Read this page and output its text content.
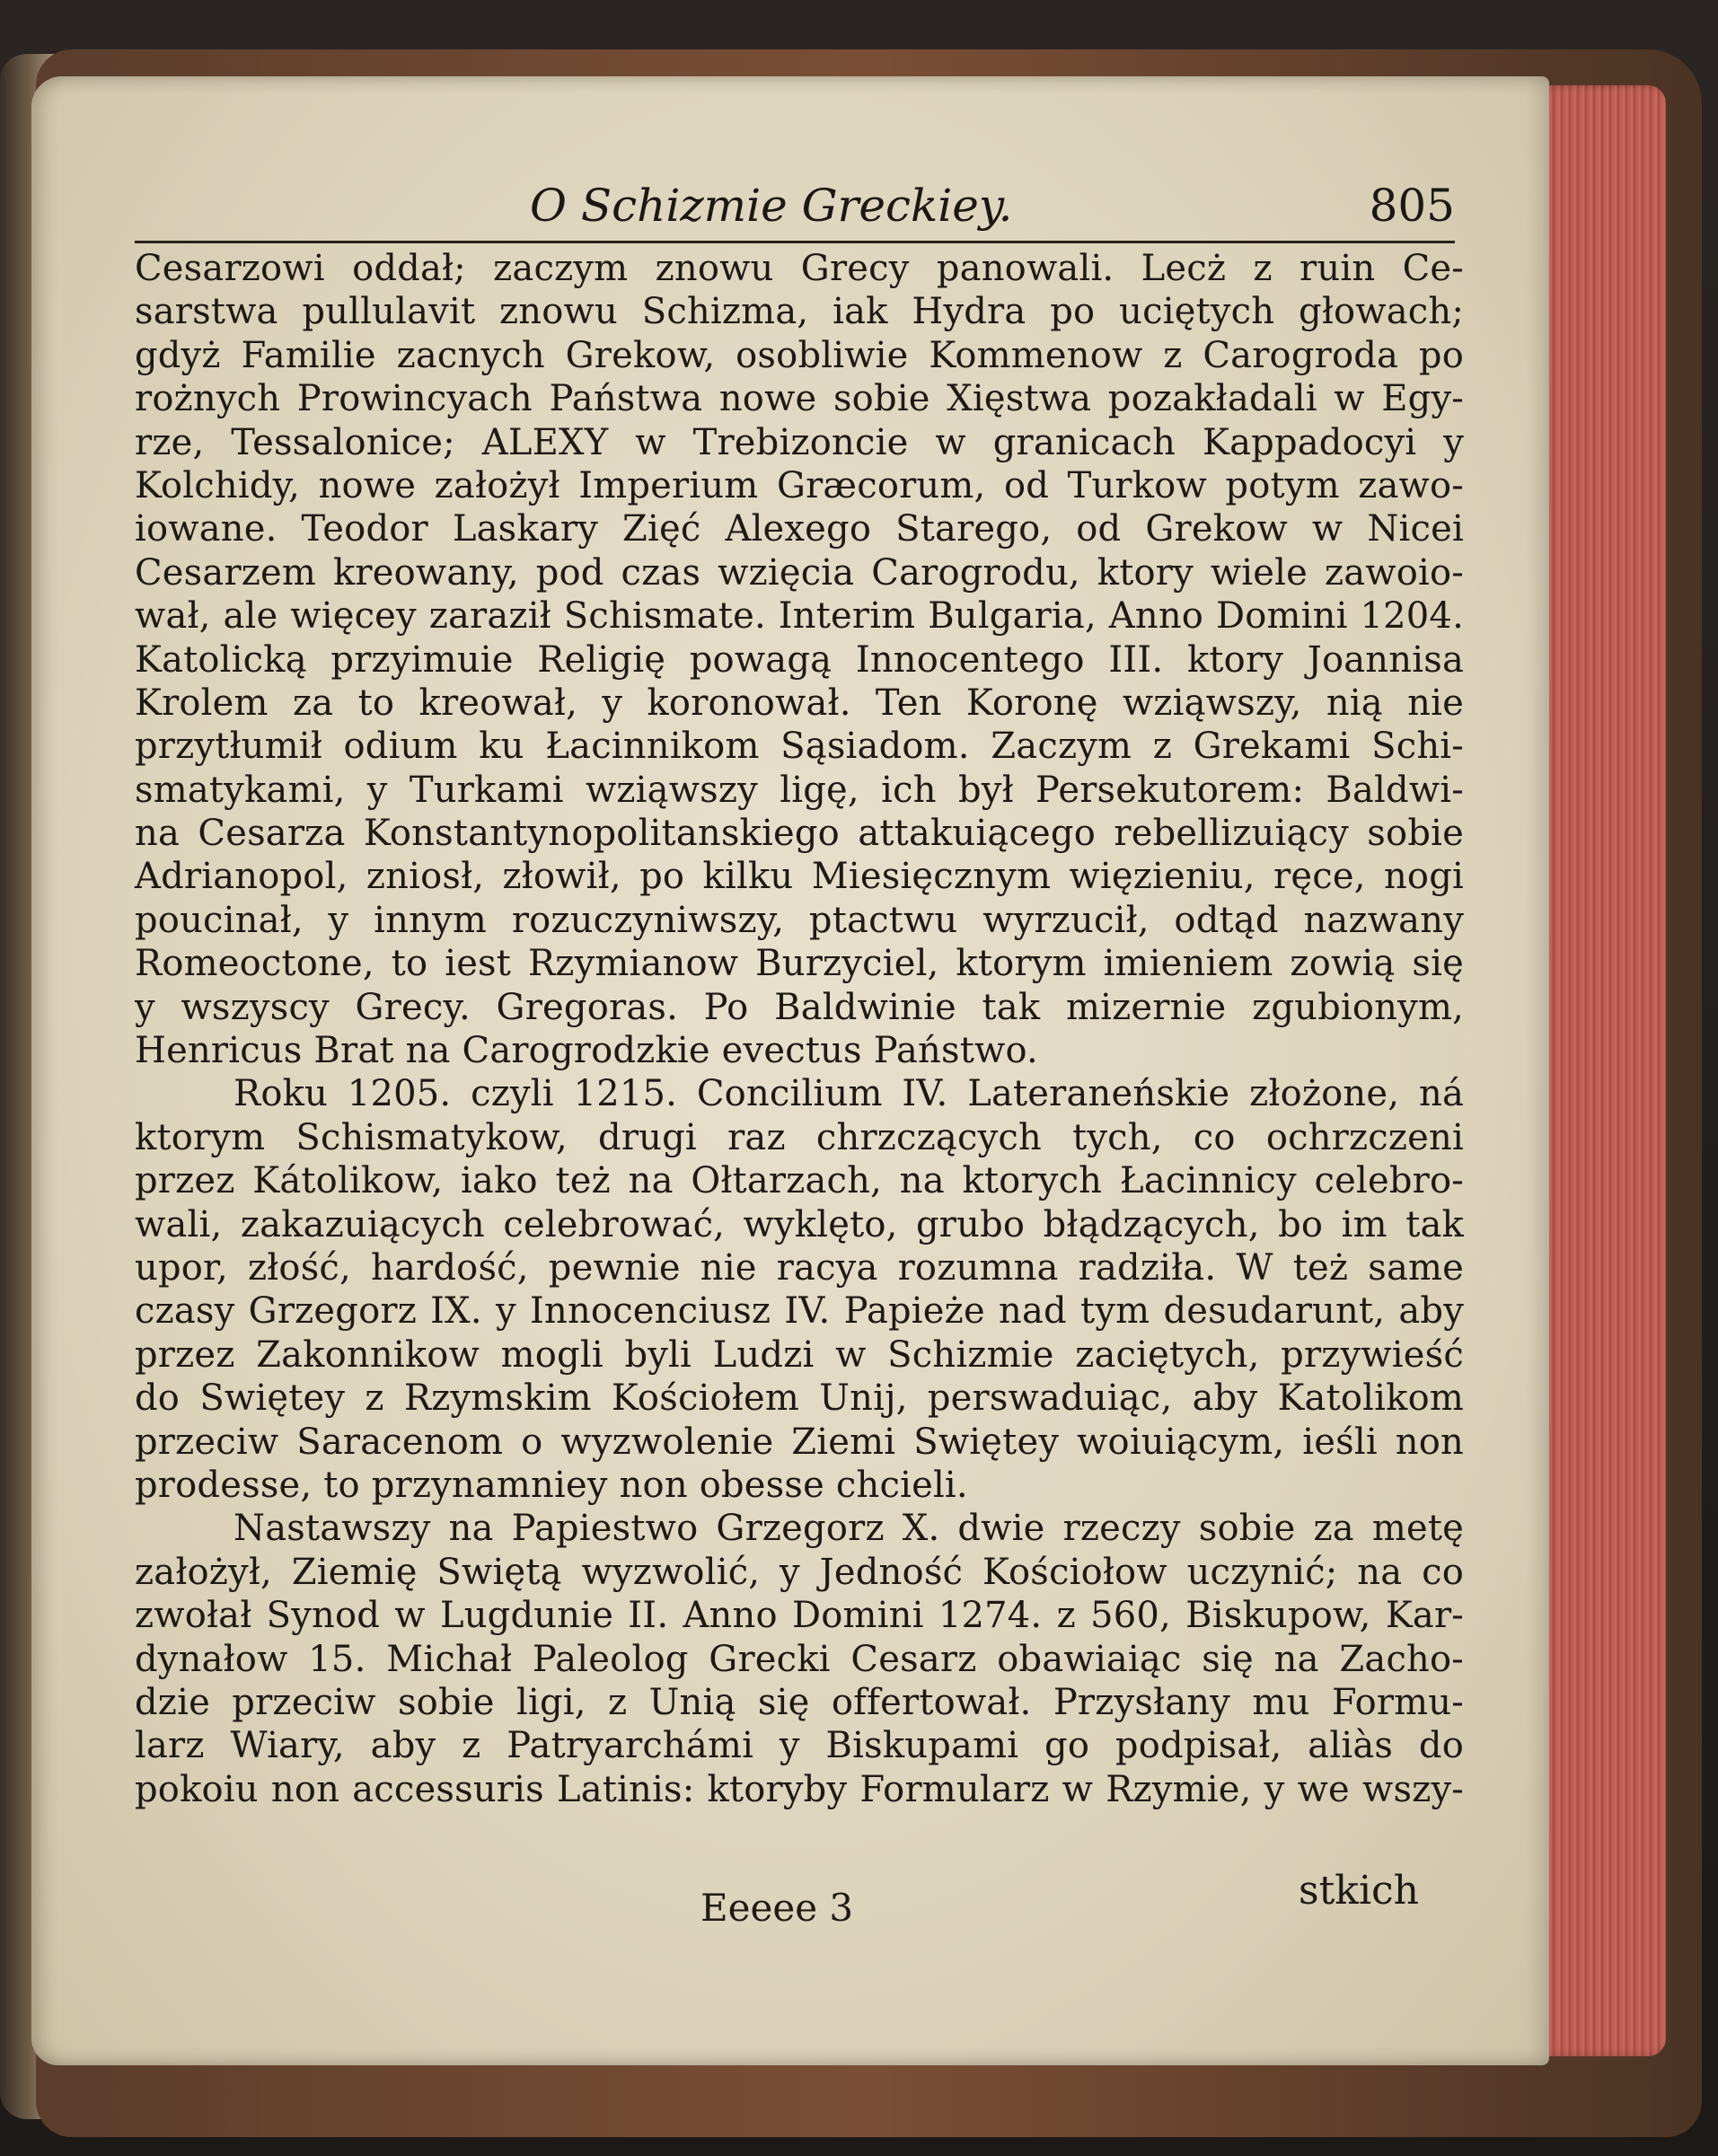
O Schizmie Greckiey.	805
Cesarzowi oddał; zaczym znowu Grecy panowali. Lecż z ruin Ce-
sarstwa pullulavit znowu Schizma, iak Hydra po uciętych głowach;
gdyż Familie zacnych Grekow, osobliwie Kommenow z Carogroda po
rożnych Prowincyach Państwa nowe sobie Xięstwa pozakładali w Egy-
rze, Tessalonice; ALEXY w Trebizoncie w granicach Kappadocyi y
Kolchidy, nowe założył Imperium Græcorum, od Turkow potym zawo-
iowane. Teodor Laskary Zięć Alexego Starego, od Grekow w Nicei
Cesarzem kreowany, pod czas wzięcia Carogrodu, ktory wiele zawoio-
wał, ale więcey zaraził Schismate. Interim Bulgaria, Anno Domini 1204.
Katolicką przyimuie Religię powagą Innocentego III. ktory Joannisa
Krolem za to kreował, y koronował. Ten Koronę wziąwszy, nią nie
przytłumił odium ku Łacinnikom Sąsiadom. Zaczym z Grekami Schi-
smatykami, y Turkami wziąwszy ligę, ich był Persekutorem: Baldwi-
na Cesarza Konstantynopolitanskiego attakuiącego rebellizuiący sobie
Adrianopol, zniosł, złowił, po kilku Miesięcznym więzieniu, ręce, nogi
poucinał, y innym rozuczyniwszy, ptactwu wyrzucił, odtąd nazwany
Romeoctone, to iest Rzymianow Burzyciel, ktorym imieniem zowią się
y wszyscy Grecy. Gregoras. Po Baldwinie tak mizernie zgubionym,
Henricus Brat na Carogrodzkie evectus Państwo.
Roku 1205. czyli 1215. Concilium IV. Lateraneńskie złożone, ná
ktorym Schismatykow, drugi raz chrzczących tych, co ochrzczeni
przez Kátolikow, iako też na Ołtarzach, na ktorych Łacinnicy celebro-
wali, zakazuiących celebrować, wyklęto, grubo błądzących, bo im tak
upor, złość, hardość, pewnie nie racya rozumna radziła. W też same
czasy Grzegorz IX. y Innocenciusz IV. Papieże nad tym desudarunt, aby
przez Zakonnikow mogli byli Ludzi w Schizmie zaciętych, przywieść
do Swiętey z Rzymskim Kościołem Unij, perswaduiąc, aby Katolikom
przeciw Saracenom o wyzwolenie Ziemi Swiętey woiuiącym, ieśli non
prodesse, to przynamniey non obesse chcieli.
Nastawszy na Papiestwo Grzegorz X. dwie rzeczy sobie za metę
założył, Ziemię Swiętą wyzwolić, y Jedność Kościołow uczynić; na co
zwołał Synod w Lugdunie II. Anno Domini 1274. z 560, Biskupow, Kar-
dynałow 15. Michał Paleolog Grecki Cesarz obawiaiąc się na Zacho-
dzie przeciw sobie ligi, z Unią się offertował. Przysłany mu Formu-
larz Wiary, aby z Patryarchámi y Biskupami go podpisał, aliàs do
pokoiu non accessuris Latinis: ktoryby Formularz w Rzymie, y we wszy-
Eeeee 3	stkich
